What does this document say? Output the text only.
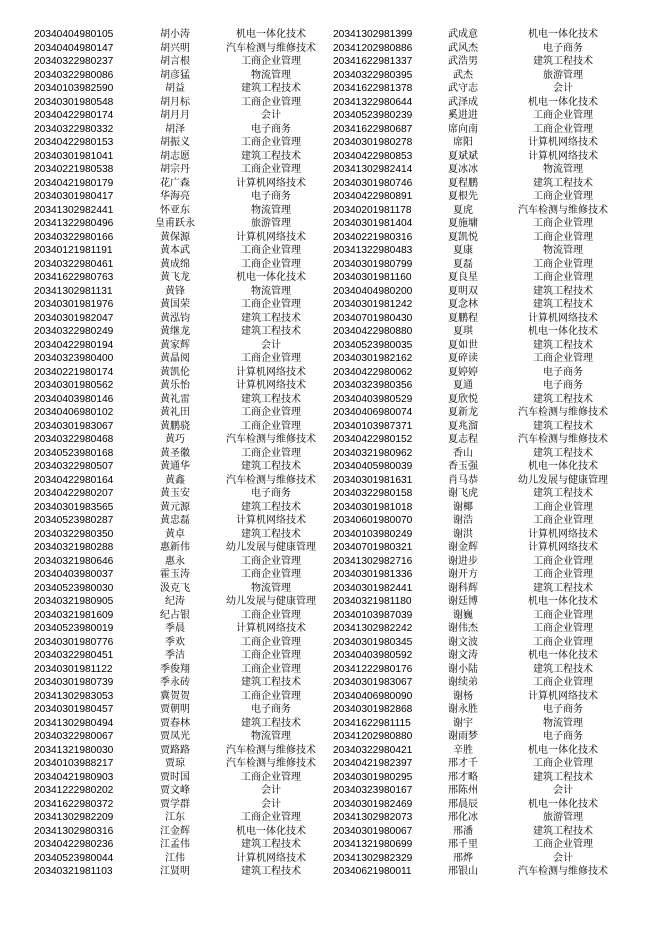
20340404980105	胡小涛	机电一体化技术
20340404980147	胡兴明	汽车检测与维修技术
20340322980237	胡言根	工商企业管理
20340322980086	胡彦猛	物流管理
20340103982590	胡益	建筑工程技术
20340301980548	胡月标	工商企业管理
20340422980174	胡月月	会计
20340322980332	胡泽	电子商务
20340422980153	胡振义	工商企业管理
20340301981041	胡志愿	建筑工程技术
20340221980538	胡宗丹	工商企业管理
20340421980179	花广森	计算机网络技术
20340301980417	华海亮	电子商务
20341302982441	怀亚东	物流管理
20341322980496	皇甫跃永	旅游管理
20340322980166	黄保源	计算机网络技术
20340121981191	黄本武	工商企业管理
20340322980461	黄成绵	工商企业管理
20341622980763	黄飞龙	机电一体化技术
20341302981131	黄锋	物流管理
20340301981976	黄国荣	工商企业管理
20340301982047	黄泓钧	建筑工程技术
20340322980249	黄继龙	建筑工程技术
20340422980194	黄家辉	会计
20340323980400	黄晶阅	工商企业管理
20340221980174	黄凯伦	计算机网络技术
20340301980562	黄乐怡	计算机网络技术
20340403980146	黄礼雷	建筑工程技术
20340406980102	黄礼田	工商企业管理
20340301983067	黄鹏骁	工商企业管理
20340322980468	黄巧	汽车检测与维修技术
20340523980168	黄圣徽	工商企业管理
20340322980507	黄通华	建筑工程技术
20340422980164	黄鑫	汽车检测与维修技术
20340422980207	黄玉安	电子商务
20340301983565	黄元源	建筑工程技术
20340523980287	黄忠磊	计算机网络技术
20340322980350	黄卓	建筑工程技术
20340321980288	惠新伟	幼儿发展与健康管理
20340321980646	惠永	工商企业管理
20340403980037	霍玉涛	工商企业管理
20340523980030	汲克飞	物流管理
20340321980905	纪涛	幼儿发展与健康管理
20340321981609	纪占银	工商企业管理
20340523980019	季晨	计算机网络技术
20340301980776	季欢	工商企业管理
20340322980451	季洁	工商企业管理
20340301981122	季俊翔	工商企业管理
20340301980739	季永砖	建筑工程技术
20341302983053	冀贺贺	工商企业管理
20340301980457	贾朝明	电子商务
20341302980494	贾春林	建筑工程技术
20340322980067	贾凤光	物流管理
20341321980030	贾路路	汽车检测与维修技术
20340103988217	贾琼	汽车检测与维修技术
20340421980903	贾时国	工商企业管理
20341222980202	贾文峰	会计
20341622980372	贾学群	会计
20341302982209	江东	工商企业管理
20341302980316	江金辉	机电一体化技术
20340422980236	江孟伟	建筑工程技术
20340523980044	江伟	计算机网络技术
20340321981103	江贤明	建筑工程技术
20341302981399	武成意	机电一体化技术
20341202980886	武风杰	电子商务
20341622981337	武浩男	建筑工程技术
20340322980395	武杰	旅游管理
20341622981378	武守志	会计
20341322980644	武泽成	机电一体化技术
20340523980239	奚进进	工商企业管理
20341622980687	席向南	工商企业管理
20340301980278	席阳	计算机网络技术
20340422980853	夏斌斌	计算机网络技术
20341302982414	夏冰冰	物流管理
20340301980746	夏程鹏	建筑工程技术
20340422980891	夏根先	工商企业管理
20340201981178	夏虎	汽车检测与维修技术
20340301981404	夏施墉	工商企业管理
20340221980316	夏凯悦	工商企业管理
20341322980483	夏康	物流管理
20340301980799	夏磊	工商企业管理
20340301981160	夏良星	工商企业管理
20340404980200	夏明双	建筑工程技术
20340301981242	夏念林	建筑工程技术
20340701980430	夏鹏程	计算机网络技术
20340422980880	夏琪	机电一体化技术
20340523980035	夏如世	建筑工程技术
20340301982162	夏碎读	工商企业管理
20340422980062	夏婷婷	电子商务
20340323980356	夏通	电子商务
20340403980529	夏欣悦	建筑工程技术
20340406980074	夏新龙	汽车检测与维修技术
20340103987371	夏兆溜	建筑工程技术
20340422980152	夏志程	汽车检测与维修技术
20340321980962	香山	建筑工程技术
20340405980039	香玉强	机电一体化技术
20340301981631	肖马恭	幼儿发展与健康管理
20340322980158	谢飞虎	建筑工程技术
20340301981018	谢椰	工商企业管理
20340601980070	谢浩	工商企业管理
20340103980249	谢洪	计算机网络技术
20340701980321	谢金辉	计算机网络技术
20341302982716	谢进步	工商企业管理
20340301981336	谢开方	工商企业管理
20340301982441	谢科辉	建筑工程技术
20340321981180	谢廷博	机电一体化技术
20340103987039	谢巍	工商企业管理
20341302982242	谢伟杰	工商企业管理
20340301980345	谢文波	工商企业管理
20340403980592	谢文涛	机电一体化技术
20341222980176	谢小陆	建筑工程技术
20340301983067	谢续弟	工商企业管理
20340406980090	谢杨	计算机网络技术
20340301982868	谢永胜	电子商务
20341622981115	谢宇	物流管理
20341202980880	谢雨梦	电子商务
20340322980421	辛胜	机电一体化技术
20340421982397	邢才千	工商企业管理
20340301980295	邢才略	建筑工程技术
20340323980167	邢陈州	会计
20340301982469	邢晨辰	机电一体化技术
20341302982073	邢化冰	旅游管理
20340301980067	邢潘	建筑工程技术
20341321980699	邢千里	工商企业管理
20341302982329	邢烨	会计
20340621980011	邢银山	汽车检测与维修技术
